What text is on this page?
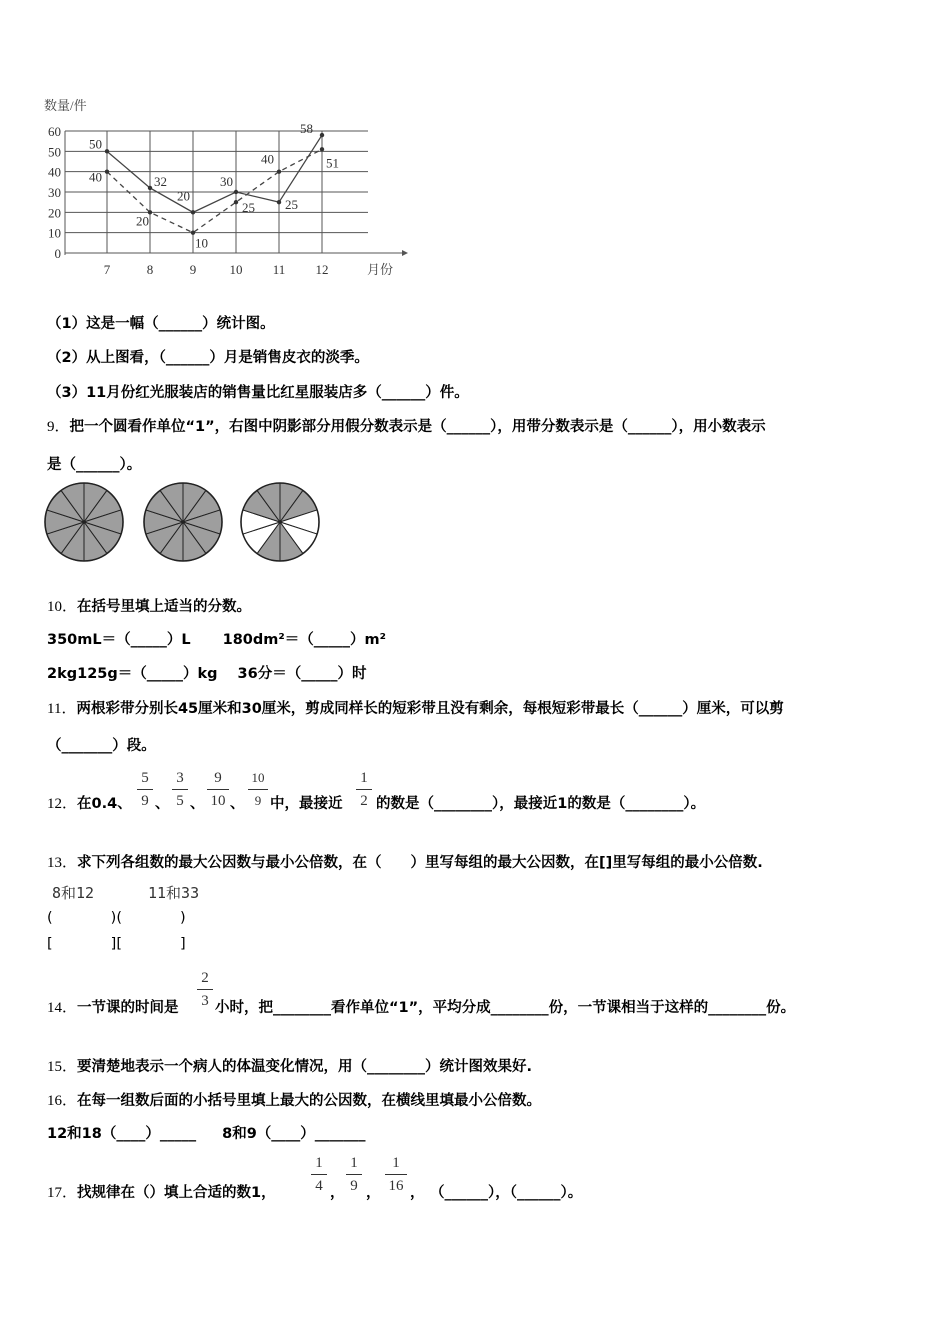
数量/件
0
10
20
30
40
50
60
7	8	9	10 11 12
50
32
20
30
25
58
40
20
10
25
40	51
月份
（1）这是一幅（______）统计图。
（2）从上图看，（______）月是销售皮衣的淡季。
（3）11月份红光服装店的销售量比红星服装店多（______）件。
9．把一个圆看作单位“1”，右图中阴影部分用假分数表示是（______），用带分数表示是（______），用小数表示
是（______）。
10．在括号里填上适当的分数。
350mL＝（_____）L 180dm²＝（_____）m²
2kg125g＝（_____）kg 36分＝（_____）时
11．两根彩带分别长45厘米和30厘米，剪成同样长的短彩带且没有剩余，每根短彩带最长（______）厘米，可以剪
（_______）段。
12．在0.4、
5
9 、
3
5 、
9
10 、
10
9 中，最接近
1
2 的数是（________），最接近1的数是（________）。
13．求下列各组数的最大公因数与最小公倍数，在（　　）里写每组的最大公因数，在[]里写每组的最小公倍数.
8和12	11和33
(　　　　)(　　　　)
[　　　　][　　　　]
14．一节课的时间是
2
3 小时，把________看作单位“1”，平均分成________份，一节课相当于这样的________份。
15．要清楚地表示一个病人的体温变化情况，用（________）统计图效果好.
16．在每一组数后面的小括号里填上最大的公因数，在横线里填最小公倍数。
12和18（____）_____ 8和9（____）_______
17．找规律在（）填上合适的数1，
1
4 ，
1
9 ，
1
16 ， （______），（______）。
